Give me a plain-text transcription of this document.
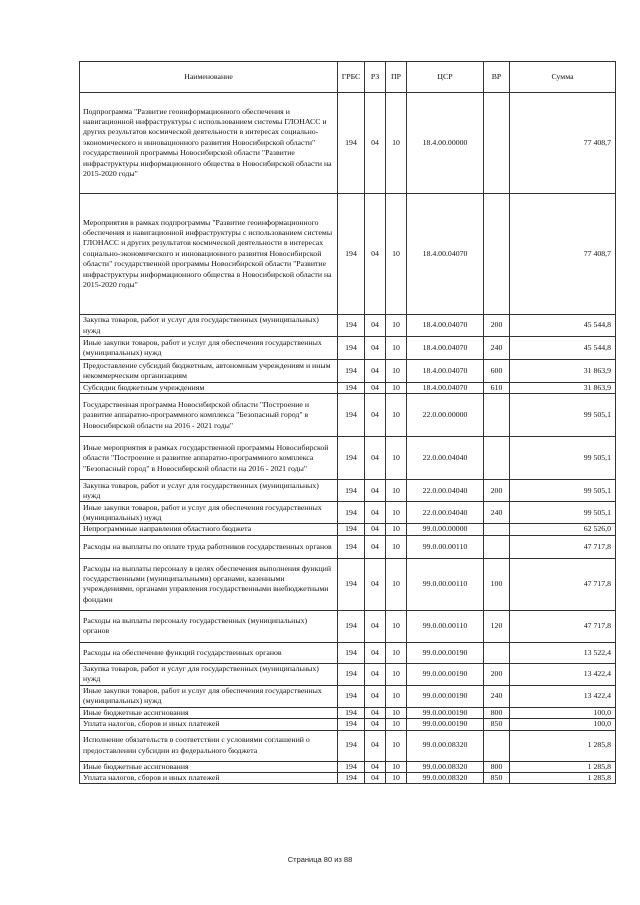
Наименование	ГРБС	РЗ	ПР	ЦСР	ВР	Сумма
Подпрограмма "Развитие геоинформационного обеспечения и навигационной инфраструктуры с использованием системы ГЛОНАСС и других результатов космической деятельности в интересах социально-экономического и инновационного развития Новосибирской области" государственной программы Новосибирской области "Развитие инфраструктуры информационного общества в Новосибирской области на 2015-2020 годы"	194	04	10	18.4.00.00000		77 408,7
Мероприятия в рамках подпрограммы "Развитие геоинформационного обеспечения и навигационной инфраструктуры с использованием системы ГЛОНАСС и других результатов космической деятельности в интересах социально-экономического и инновационного развития Новосибирской области" государственной программы Новосибирской области "Развитие инфраструктуры информационного общества в Новосибирской области на 2015-2020 годы"	194	04	10	18.4.00.04070		77 408,7
Закупка товаров, работ и услуг для государственных (муниципальных) нужд	194	04	10	18.4.00.04070	200	45 544,8
Иные закупки товаров, работ и услуг для обеспечения государственных (муниципальных) нужд	194	04	10	18.4.00.04070	240	45 544,8
Предоставление субсидий бюджетным, автономным учреждениям и иным некоммерческим организациям	194	04	10	18.4.00.04070	600	31 863,9
Субсидии бюджетным учреждениям	194	04	10	18.4.00.04070	610	31 863,9
Государственная программа Новосибирской области "Построение и развитие аппаратно-программного комплекса "Безопасный город" в Новосибирской области на 2016 - 2021 годы"	194	04	10	22.0.00.00000		99 505,1
Иные мероприятия в рамках государственной программы Новосибирской области "Построение и развитие аппаратно-программного комплекса "Безопасный город" в Новосибирской области на 2016 - 2021 годы"	194	04	10	22.0.00.04040		99 505,1
Закупка товаров, работ и услуг для государственных (муниципальных) нужд	194	04	10	22.0.00.04040	200	99 505,1
Иные закупки товаров, работ и услуг для обеспечения государственных (муниципальных) нужд	194	04	10	22.0.00.04040	240	99 505,1
Непрограммные направления областного бюджета	194	04	10	99.0.00.00000		62 526,0
Расходы на выплаты по оплате труда работников государственных органов	194	04	10	99.0.00.00110		47 717,8
Расходы на выплаты персоналу в целях обеспечения выполнения функций государственными (муниципальными) органами, казенными учреждениями, органами управления государственными внебюджетными фондами	194	04	10	99.0.00.00110	100	47 717,8
Расходы на выплаты персоналу государственных (муниципальных) органов	194	04	10	99.0.00.00110	120	47 717,8
Расходы на обеспечение функций государственных органов	194	04	10	99.0.00.00190		13 522,4
Закупка товаров, работ и услуг для государственных (муниципальных) нужд	194	04	10	99.0.00.00190	200	13 422,4
Иные закупки товаров, работ и услуг для обеспечения государственных (муниципальных) нужд	194	04	10	99.0.00.00190	240	13 422,4
Иные бюджетные ассигнования	194	04	10	99.0.00.00190	800	100,0
Уплата налогов, сборов и иных платежей	194	04	10	99.0.00.00190	850	100,0
Исполнение обязательств в соответствии с условиями соглашений о предоставлении субсидии из федерального бюджета	194	04	10	99.0.00.08320		1 285,8
Иные бюджетные ассигнования	194	04	10	99.0.00.08320	800	1 285,8
Уплата налогов, сборов и иных платежей	194	04	10	99.0.00.08320	850	1 285,8
Страница 80 из 88
